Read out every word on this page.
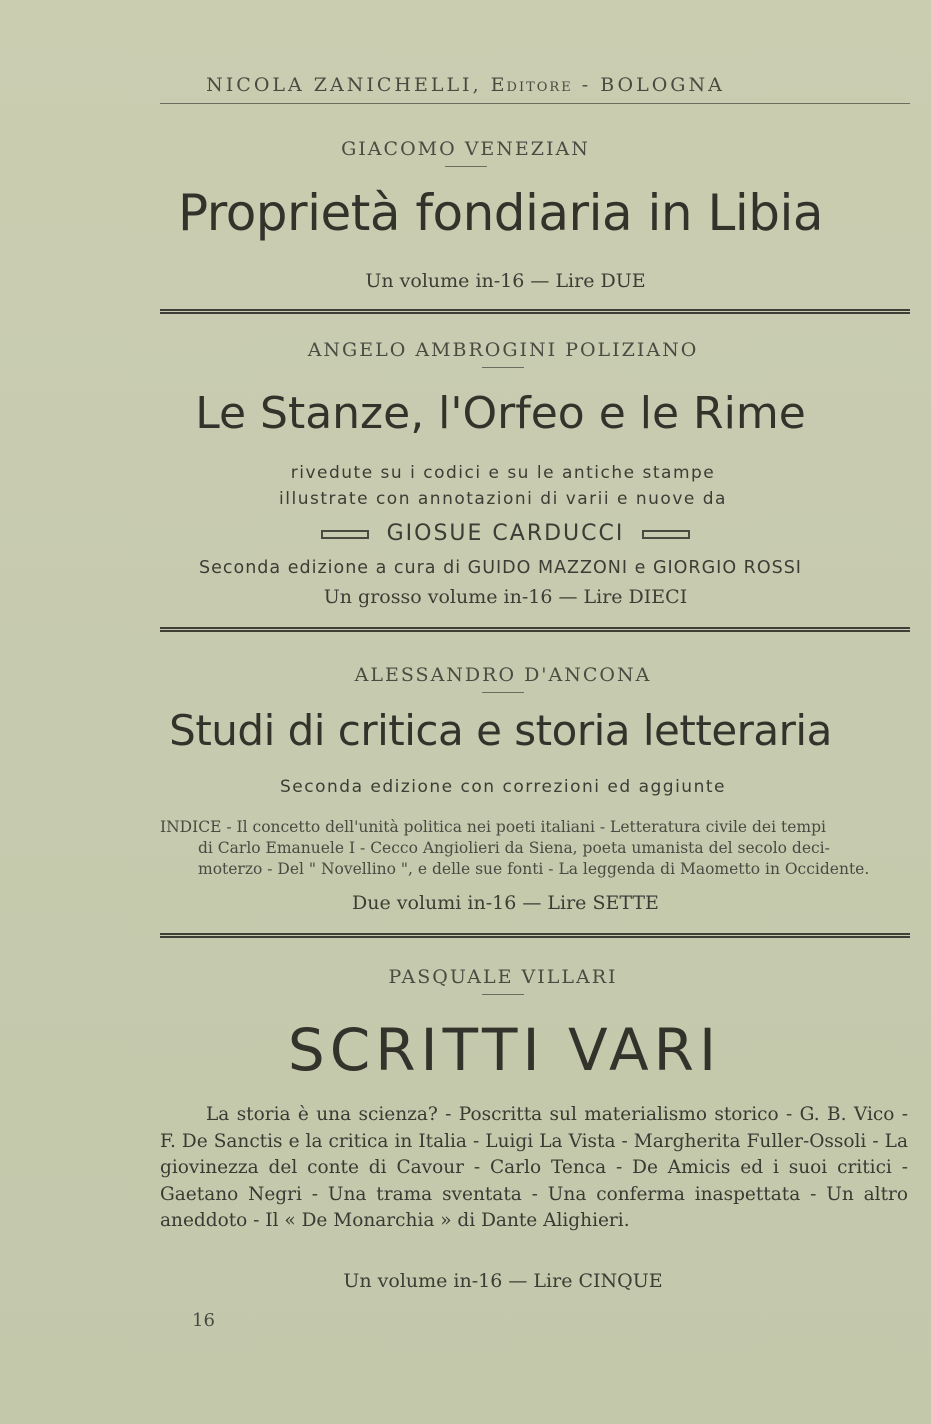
NICOLA ZANICHELLI, Editore - BOLOGNA
GIACOMO VENEZIAN
Proprietà fondiaria in Libia
Un volume in-16 — Lire DUE
ANGELO AMBROGINI POLIZIANO
Le Stanze, l'Orfeo e le Rime
rivedute su i codici e su le antiche stampe
illustrate con annotazioni di varii e nuove da
GIOSUE CARDUCCI
Seconda edizione a cura di GUIDO MAZZONI e GIORGIO ROSSI
Un grosso volume in-16 — Lire DIECI
ALESSANDRO D'ANCONA
Studi di critica e storia letteraria
Seconda edizione con correzioni ed aggiunte
INDICE - Il concetto dell'unità politica nei poeti italiani - Letteratura civile dei tempi
di Carlo Emanuele I - Cecco Angiolieri da Siena, poeta umanista del secolo deci-
moterzo - Del " Novellino ", e delle sue fonti - La leggenda di Maometto in Occidente.
Due volumi in-16 — Lire SETTE
PASQUALE VILLARI
SCRITTI VARI
La storia è una scienza? - Poscritta sul materialismo storico - G. B. Vico - F. De Sanctis e la critica in Italia - Luigi La Vista - Margherita Fuller-Ossoli - La giovinezza del conte di Cavour - Carlo Tenca - De Amicis ed i suoi critici - Gaetano Negri - Una trama sventata - Una conferma inaspettata - Un altro aneddoto - Il « De Monarchia » di Dante Alighieri.
Un volume in-16 — Lire CINQUE
16
